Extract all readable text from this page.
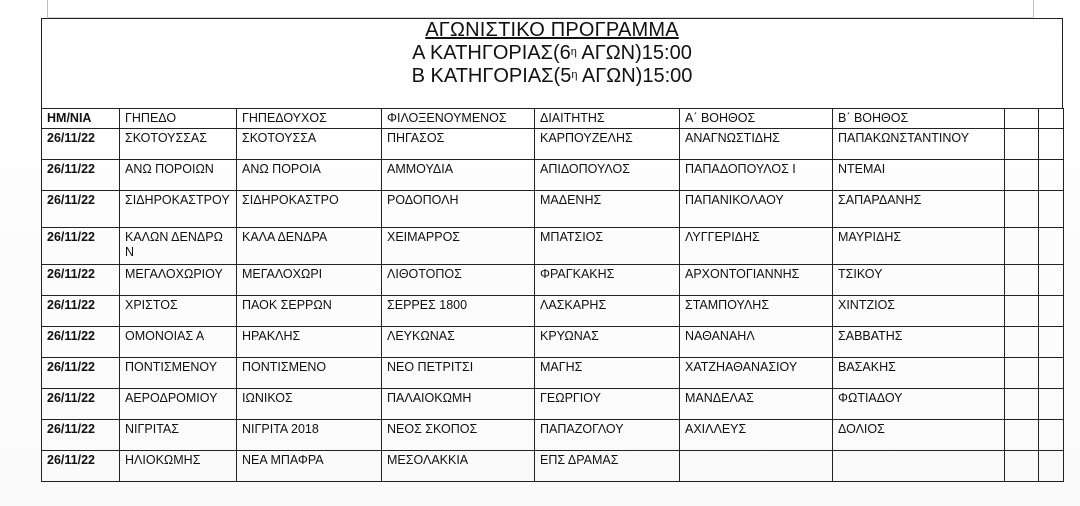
ΑΓΩΝΙΣΤΙΚΟ ΠΡΟΓΡΑΜΜΑ
Α $KATH\Gamma OPIA\Sigma(6^\eta$ ΑΓΩΝ)15:00
Β $KATH\Gamma OPIA\Sigma(5^\eta$ ΑΓΩΝ)15:00
ΗΜ/ΝΙΑ	ΓΗΠΕΔΟ	ΓΗΠΕΔΟΥΧΟΣ	ΦΙΛΟΞΕΝΟΥΜΕΝΟΣ	ΔΙΑΙΤΗΤΗΣ	Α΄ ΒΟΗΘΟΣ	Β΄ ΒΟΗΘΟΣ		
26/11/22	ΣΚΟΤΟΥΣΣΑΣ	ΣΚΟΤΟΥΣΣΑ	ΠΗΓΑΣΟΣ	ΚΑΡΠΟΥΖΕΛΗΣ	ΑΝΑΓΝΩΣΤΙΔΗΣ	ΠΑΠΑΚΩΝΣΤΑΝΤΙΝΟΥ		
26/11/22	ΑΝΩ ΠΟΡΟΙΩΝ	ΑΝΩ ΠΟΡΟΙΑ	ΑΜΜΟΥΔΙΑ	ΑΠΙΔΟΠΟΥΛΟΣ	ΠΑΠΑΔΟΠΟΥΛΟΣ Ι	ΝΤΕΜΑΙ		
26/11/22	ΣΙΔΗΡΟΚΑΣΤΡΟΥ	ΣΙΔΗΡΟΚΑΣΤΡΟ	ΡΟΔΟΠΟΛΗ	ΜΑΔΕΝΗΣ	ΠΑΠΑΝΙΚΟΛΑΟΥ	ΣΑΠΑΡΔΑΝΗΣ		
26/11/22	ΚΑΛΩΝ ΔΕΝΔΡΩΝ	ΚΑΛΑ ΔΕΝΔΡΑ	ΧΕΙΜΑΡΡΟΣ	ΜΠΑΤΣΙΟΣ	ΛΥΓΓΕΡΙΔΗΣ	ΜΑΥΡΙΔΗΣ		
26/11/22	ΜΕΓΑΛΟΧΩΡΙΟΥ	ΜΕΓΑΛΟΧΩΡΙ	ΛΙΘΟΤΟΠΟΣ	ΦΡΑΓΚΑΚΗΣ	ΑΡΧΟΝΤΟΓΙΑΝΝΗΣ	ΤΣΙΚΟΥ		
26/11/22	ΧΡΙΣΤΟΣ	ΠΑΟΚ ΣΕΡΡΩΝ	ΣΕΡΡΕΣ 1800	ΛΑΣΚΑΡΗΣ	ΣΤΑΜΠΟΥΛΗΣ	ΧΙΝΤΖΙΟΣ		
26/11/22	ΟΜΟΝΟΙΑΣ Α	ΗΡΑΚΛΗΣ	ΛΕΥΚΩΝΑΣ	ΚΡΥΩΝΑΣ	ΝΑΘΑΝΑΗΛ	ΣΑΒΒΑΤΗΣ		
26/11/22	ΠΟΝΤΙΣΜΕΝΟΥ	ΠΟΝΤΙΣΜΕΝΟ	ΝΕΟ ΠΕΤΡΙΤΣΙ	ΜΑΓΗΣ	ΧΑΤΖΗΑΘΑΝΑΣΙΟΥ	ΒΑΣΑΚΗΣ		
26/11/22	ΑΕΡΟΔΡΟΜΙΟΥ	ΙΩΝΙΚΟΣ	ΠΑΛΑΙΟΚΩΜΗ	ΓΕΩΡΓΙΟΥ	ΜΑΝΔΕΛΑΣ	ΦΩΤΙΑΔΟΥ		
26/11/22	ΝΙΓΡΙΤΑΣ	ΝΙΓΡΙΤΑ 2018	ΝΕΟΣ ΣΚΟΠΟΣ	ΠΑΠΑΖΟΓΛΟΥ	ΑΧΙΛΛΕΥΣ	ΔΟΛΙΟΣ		
26/11/22	ΗΛΙΟΚΩΜΗΣ	ΝΕΑ ΜΠΑΦΡΑ	ΜΕΣΟΛΑΚΚΙΑ	ΕΠΣ ΔΡΑΜΑΣ				
